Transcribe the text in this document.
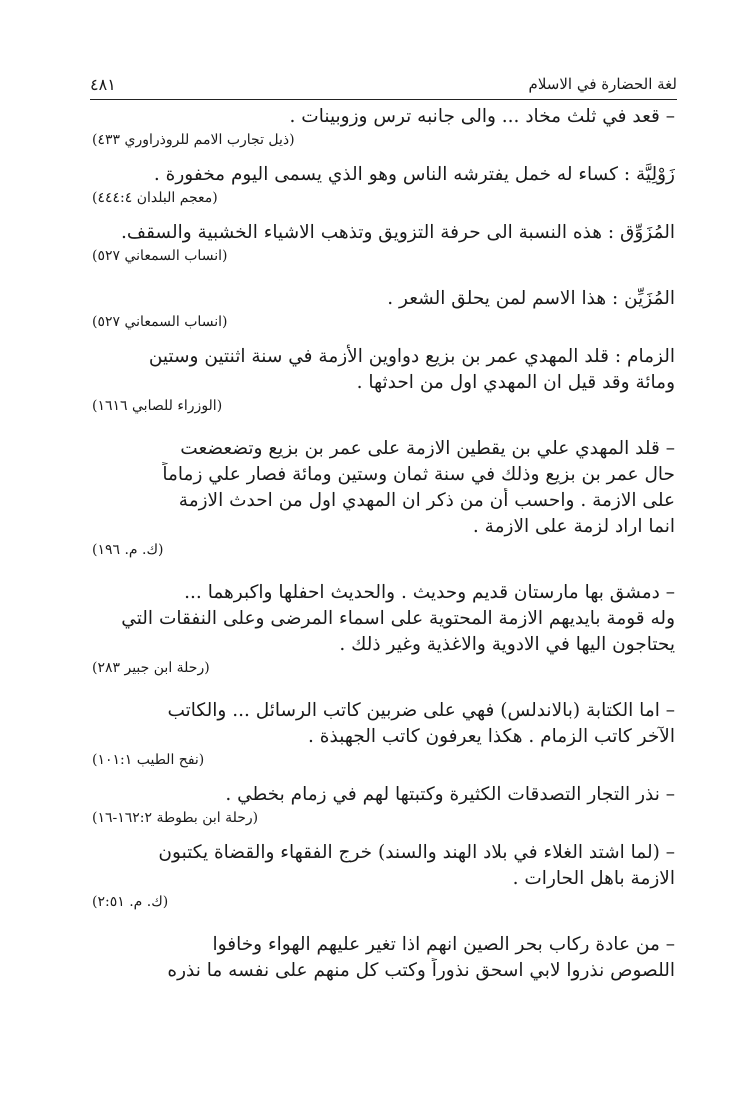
لغة الحضارة في الاسلام
٤٨١
– قعد في ثلث مخاد ... والى جانبه ترس وزوبينات .
(ذيل تجارب الامم للروذراوري ٤٣٣)
زَوْلِيَّة : كساء له خمل يفترشه الناس وهو الذي يسمى اليوم مخفورة .
(معجم البلدان ٤٤٤:٤)
المُزَوِّق : هذه النسبة الى حرفة التزويق وتذهب الاشياء الخشبية والسقف.
(انساب السمعاني ٥٢٧)
المُزَيِّن : هذا الاسم لمن يحلق الشعر .
(انساب السمعاني ٥٢٧)
الزمام : قلد المهدي عمر بن بزيع دواوين الأزمة في سنة اثنتين وستين
ومائة وقد قيل ان المهدي اول من احدثها .
(الوزراء للصابي ١٦١٦)
– قلد المهدي علي بن يقطين الازمة على عمر بن بزيع وتضعضعت
حال عمر بن بزيع وذلك في سنة ثمان وستين ومائة فصار علي زماماً
على الازمة . واحسب أن من ذكر ان المهدي اول من احدث الازمة
انما اراد لزمة على الازمة .
(ك. م. ١٩٦)
– دمشق بها مارستان قديم وحديث . والحديث احفلها واكبرهما ...
وله قومة بايديهم الازمة المحتوية على اسماء المرضى وعلى النفقات التي
يحتاجون اليها في الادوية والاغذية وغير ذلك .
(رحلة ابن جبير ٢٨٣)
– اما الكتابة (بالاندلس) فهي على ضربين كاتب الرسائل ... والكاتب
الآخر كاتب الزمام . هكذا يعرفون كاتب الجهبذة .
(نفح الطيب ١٠١:١)
– نذر التجار التصدقات الكثيرة وكتبتها لهم في زمام بخطي .
(رحلة ابن بطوطة ١٦٢:٢-١٦)
– (لما اشتد الغلاء في بلاد الهند والسند) خرج الفقهاء والقضاة يكتبون
الازمة باهل الحارات .
(ك. م. ٢:٥١)
– من عادة ركاب بحر الصين انهم اذا تغير عليهم الهواء وخافوا
اللصوص نذروا لابي اسحق نذوراً وكتب كل منهم على نفسه ما نذره
